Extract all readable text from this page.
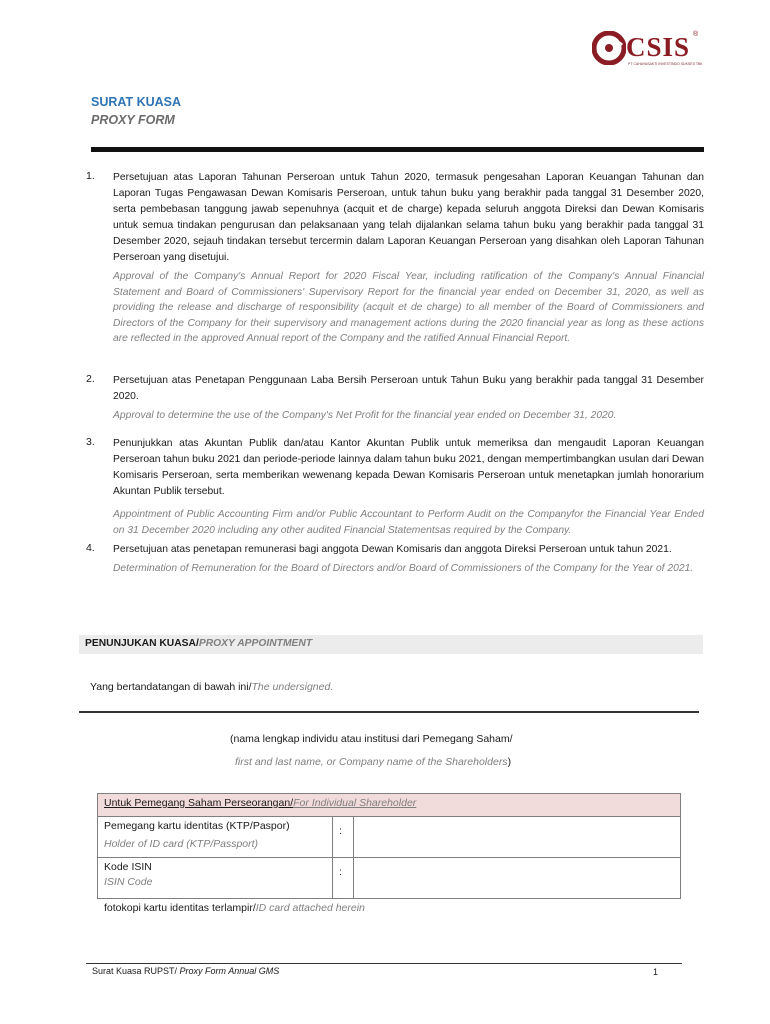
CSIS ®
PT CAHAYASAKTI INVESTINDO SUKSES TBK
SURAT KUASA
PROXY FORM
1. Persetujuan atas Laporan Tahunan Perseroan untuk Tahun 2020, termasuk pengesahan Laporan Keuangan Tahunan dan Laporan Tugas Pengawasan Dewan Komisaris Perseroan, untuk tahun buku yang berakhir pada tanggal 31 Desember 2020, serta pembebasan tanggung jawab sepenuhnya (acquit et de charge) kepada seluruh anggota Direksi dan Dewan Komisaris untuk semua tindakan pengurusan dan pelaksanaan yang telah dijalankan selama tahun buku yang berakhir pada tanggal 31 Desember 2020, sejauh tindakan tersebut tercermin dalam Laporan Keuangan Perseroan yang disahkan oleh Laporan Tahunan Perseroan yang disetujui.
Approval of the Company's Annual Report for 2020 Fiscal Year, including ratification of the Company's Annual Financial Statement and Board of Commissioners' Supervisory Report for the financial year ended on December 31, 2020, as well as providing the release and discharge of responsibility (acquit et de charge) to all member of the Board of Commissioners and Directors of the Company for their supervisory and management actions during the 2020 financial year as long as these actions are reflected in the approved Annual report of the Company and the ratified Annual Financial Report.
2. Persetujuan atas Penetapan Penggunaan Laba Bersih Perseroan untuk Tahun Buku yang berakhir pada tanggal 31 Desember 2020.
Approval to determine the use of the Company's Net Profit for the financial year ended on December 31, 2020.
3. Penunjukkan atas Akuntan Publik dan/atau Kantor Akuntan Publik untuk memeriksa dan mengaudit Laporan Keuangan Perseroan tahun buku 2021 dan periode-periode lainnya dalam tahun buku 2021, dengan mempertimbangkan usulan dari Dewan Komisaris Perseroan, serta memberikan wewenang kepada Dewan Komisaris Perseroan untuk menetapkan jumlah honorarium Akuntan Publik tersebut.
Appointment of Public Accounting Firm and/or Public Accountant to Perform Audit on the Companyfor the Financial Year Ended on 31 December 2020 including any other audited Financial Statementsas required by the Company.
4. Persetujuan atas penetapan remunerasi bagi anggota Dewan Komisaris dan anggota Direksi Perseroan untuk tahun 2021.
Determination of Remuneration for the Board of Directors and/or Board of Commissioners of the Company for the Year of 2021.
PENUNJUKAN KUASA/PROXY APPOINTMENT
Yang bertandatangan di bawah ini/The undersigned.
(nama lengkap individu atau institusi dari Pemegang Saham/
first and last name, or Company name of the Shareholders)
Untuk Pemegang Saham Perseorangan/For Individual Shareholder		

Pemegang kartu identitas (KTP/Paspor)
Holder of ID card (KTP/Passport)	:	

Kode ISIN
ISIN Code	:	
fotokopi kartu identitas terlampir/ID card attached herein
Surat Kuasa RUPST/ Proxy Form Annual GMS	1
